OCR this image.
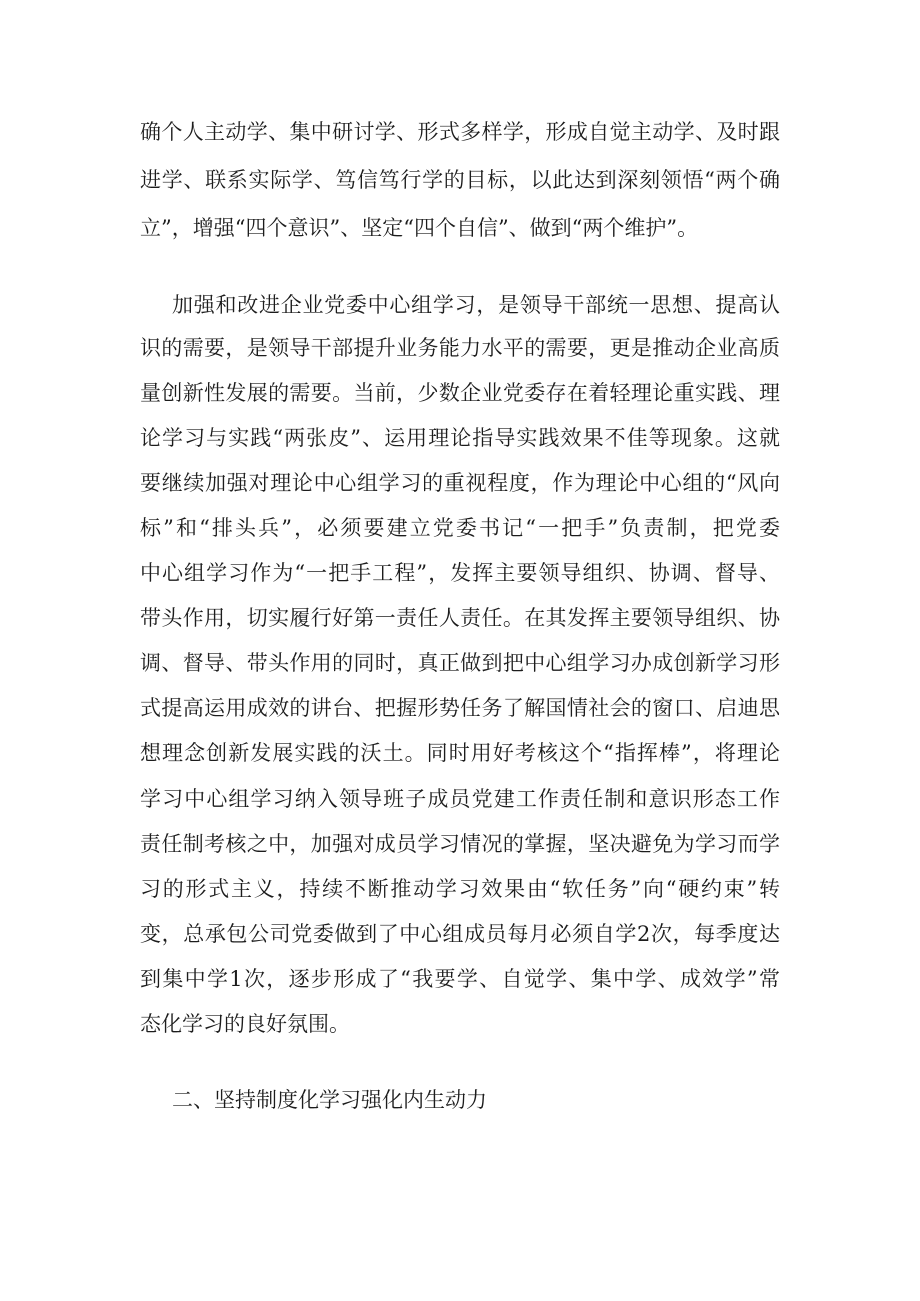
确个人主动学、集中研讨学、形式多样学，形成自觉主动学、及时跟
进学、联系实际学、笃信笃行学的目标，以此达到深刻领悟“两个确
立”，增强“四个意识”、坚定“四个自信”、做到“两个维护”。
加强和改进企业党委中心组学习，是领导干部统一思想、提高认
识的需要，是领导干部提升业务能力水平的需要，更是推动企业高质
量创新性发展的需要。当前，少数企业党委存在着轻理论重实践、理
论学习与实践“两张皮”、运用理论指导实践效果不佳等现象。这就
要继续加强对理论中心组学习的重视程度，作为理论中心组的“风向
标”和“排头兵”，必须要建立党委书记“一把手”负责制，把党委
中心组学习作为“一把手工程”，发挥主要领导组织、协调、督导、
带头作用，切实履行好第一责任人责任。在其发挥主要领导组织、协
调、督导、带头作用的同时，真正做到把中心组学习办成创新学习形
式提高运用成效的讲台、把握形势任务了解国情社会的窗口、启迪思
想理念创新发展实践的沃土。同时用好考核这个“指挥棒”，将理论
学习中心组学习纳入领导班子成员党建工作责任制和意识形态工作
责任制考核之中，加强对成员学习情况的掌握，坚决避免为学习而学
习的形式主义，持续不断推动学习效果由“软任务”向“硬约束”转
变，总承包公司党委做到了中心组成员每月必须自学2次，每季度达
到集中学1次，逐步形成了“我要学、自觉学、集中学、成效学”常
态化学习的良好氛围。
二、坚持制度化学习强化内生动力
